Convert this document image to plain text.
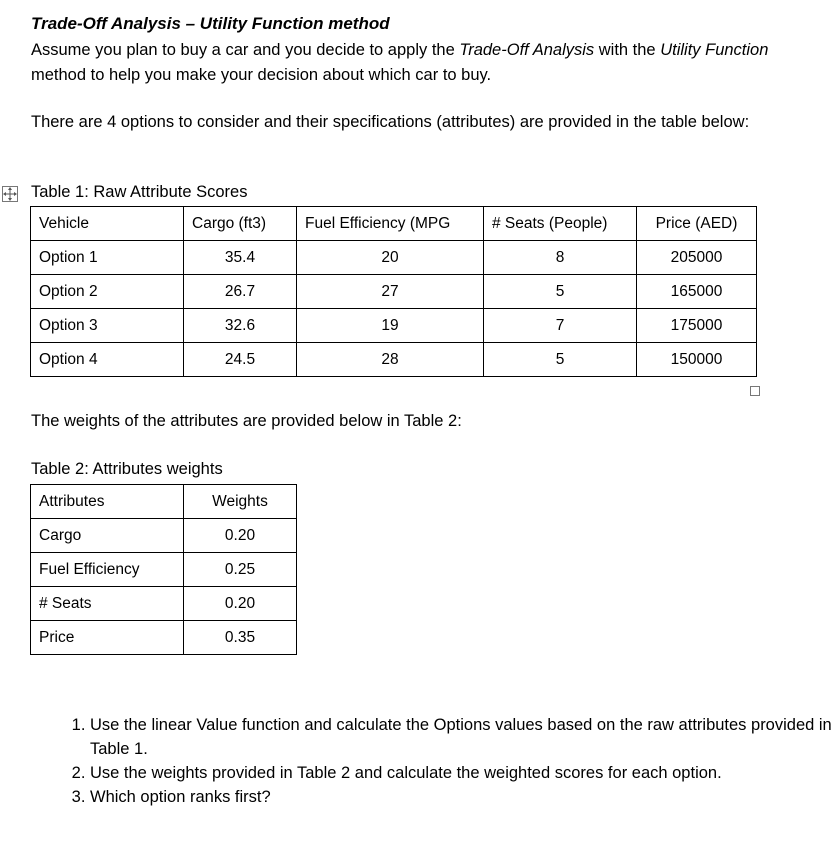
Trade-Off Analysis – Utility Function method
Assume you plan to buy a car and you decide to apply the Trade-Off Analysis with the Utility Function method to help you make your decision about which car to buy.
There are 4 options to consider and their specifications (attributes) are provided in the table below:
Table 1: Raw Attribute Scores
Vehicle	Cargo (ft3)	Fuel Efficiency (MPG	# Seats (People)	Price (AED)
Option 1	35.4	20	8	205000
Option 2	26.7	27	5	165000
Option 3	32.6	19	7	175000
Option 4	24.5	28	5	150000
The weights of the attributes are provided below in Table 2:
Table 2: Attributes weights
Attributes	Weights
Cargo	0.20
Fuel Efficiency	0.25
# Seats	0.20
Price	0.35
1. Use the linear Value function and calculate the Options values based on the raw attributes provided in Table 1.
2. Use the weights provided in Table 2 and calculate the weighted scores for each option.
3. Which option ranks first?
